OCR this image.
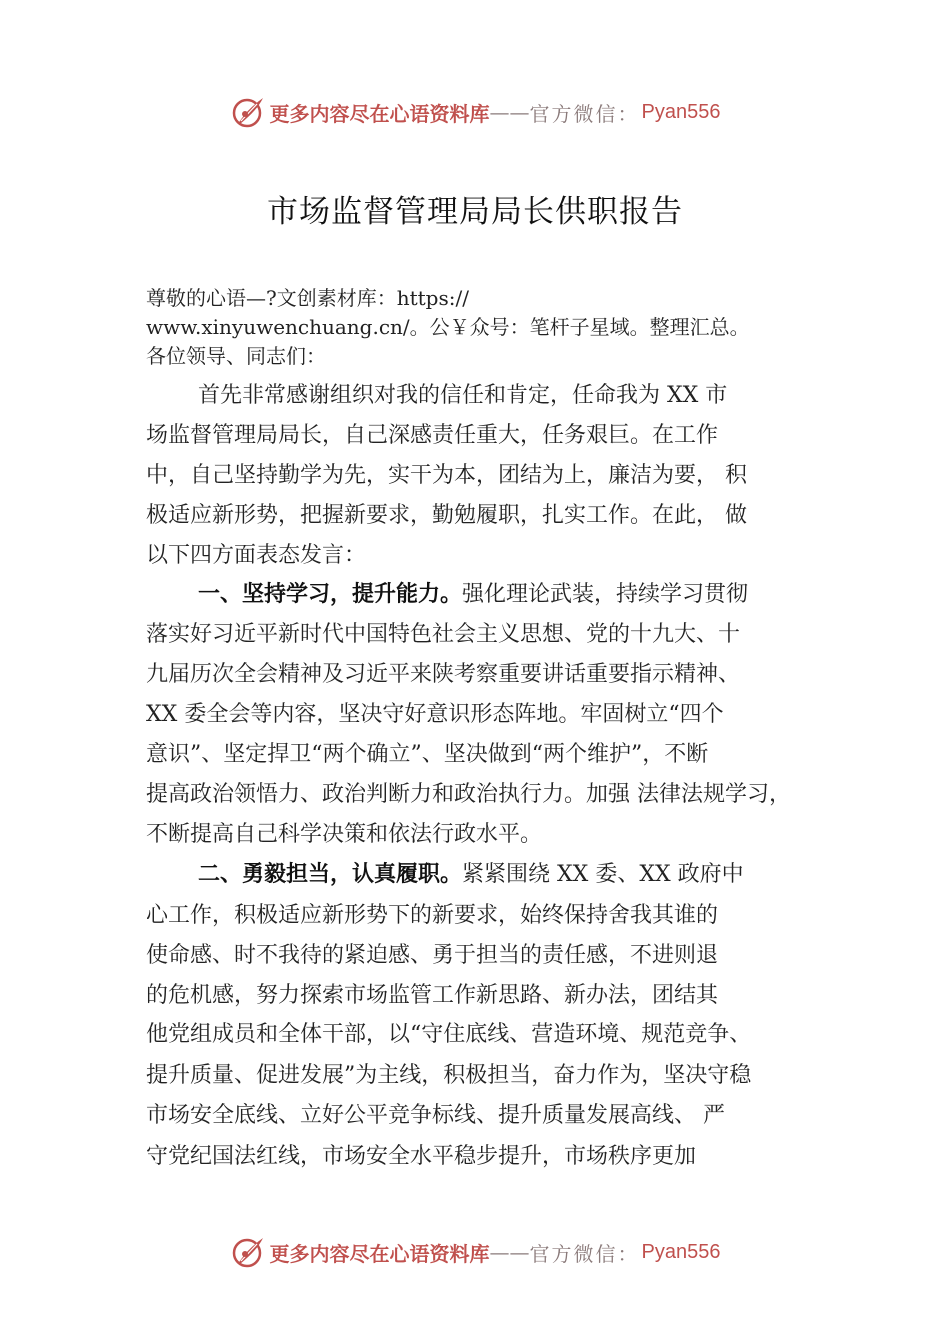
更多内容尽在心语资料库 —— 官方微信： Pyan556
市场监督管理局局长供职报告
尊敬的心语—?文创素材库：https://
www.xinyuwenchuang.cn/。公￥众号：笔杆子星域。整理汇总。
各位领导、同志们：
首先非常感谢组织对我的信任和肯定，任命我为 XX 市
场监督管理局局长，自己深感责任重大，任务艰巨。在工作
中，自己坚持勤学为先，实干为本，团结为上，廉洁为要， 积
极适应新形势，把握新要求，勤勉履职，扎实工作。在此， 做
以下四方面表态发言：
一、坚持学习，提升能力。强化理论武装，持续学习贯彻
落实好习近平新时代中国特色社会主义思想、党的十九大、十
九届历次全会精神及习近平来陕考察重要讲话重要指示精神、
XX 委全会等内容，坚决守好意识形态阵地。牢固树立“四个
意识”、坚定捍卫“两个确立”、坚决做到“两个维护”，不断
提高政治领悟力、政治判断力和政治执行力。加强 法律法规学习，
不断提高自己科学决策和依法行政水平。
二、勇毅担当，认真履职。紧紧围绕 XX 委、XX 政府中
心工作，积极适应新形势下的新要求，始终保持舍我其谁的
使命感、时不我待的紧迫感、勇于担当的责任感，不进则退
的危机感，努力探索市场监管工作新思路、新办法，团结其
他党组成员和全体干部，以“守住底线、营造环境、规范竞争、
提升质量、促进发展”为主线，积极担当，奋力作为，坚决守稳
市场安全底线、立好公平竞争标线、提升质量发展高线、 严
守党纪国法红线，市场安全水平稳步提升，市场秩序更加
更多内容尽在心语资料库 —— 官方微信： Pyan556
